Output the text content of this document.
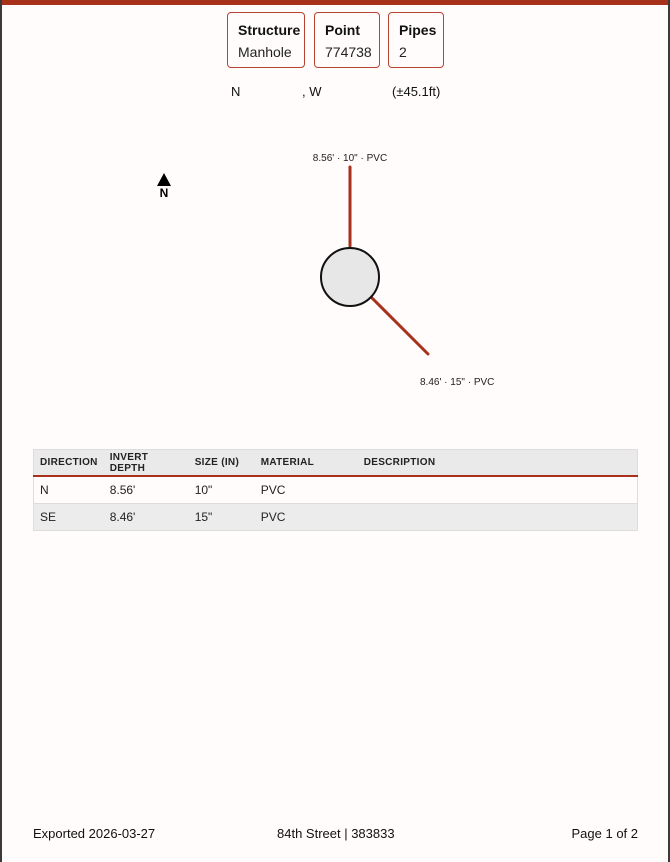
Structure
Manhole
Point
774738
Pipes
2
N	, W	(±45.1ft)
N
8.56' · 10" · PVC
8.46' · 15" · PVC
DIRECTION	INVERT DEPTH	SIZE (IN)	MATERIAL	DESCRIPTION
N	8.56'	10"	PVC	
SE	8.46'	15"	PVC	
Exported 2026-03-27	84th Street | 383833	Page 1 of 2
